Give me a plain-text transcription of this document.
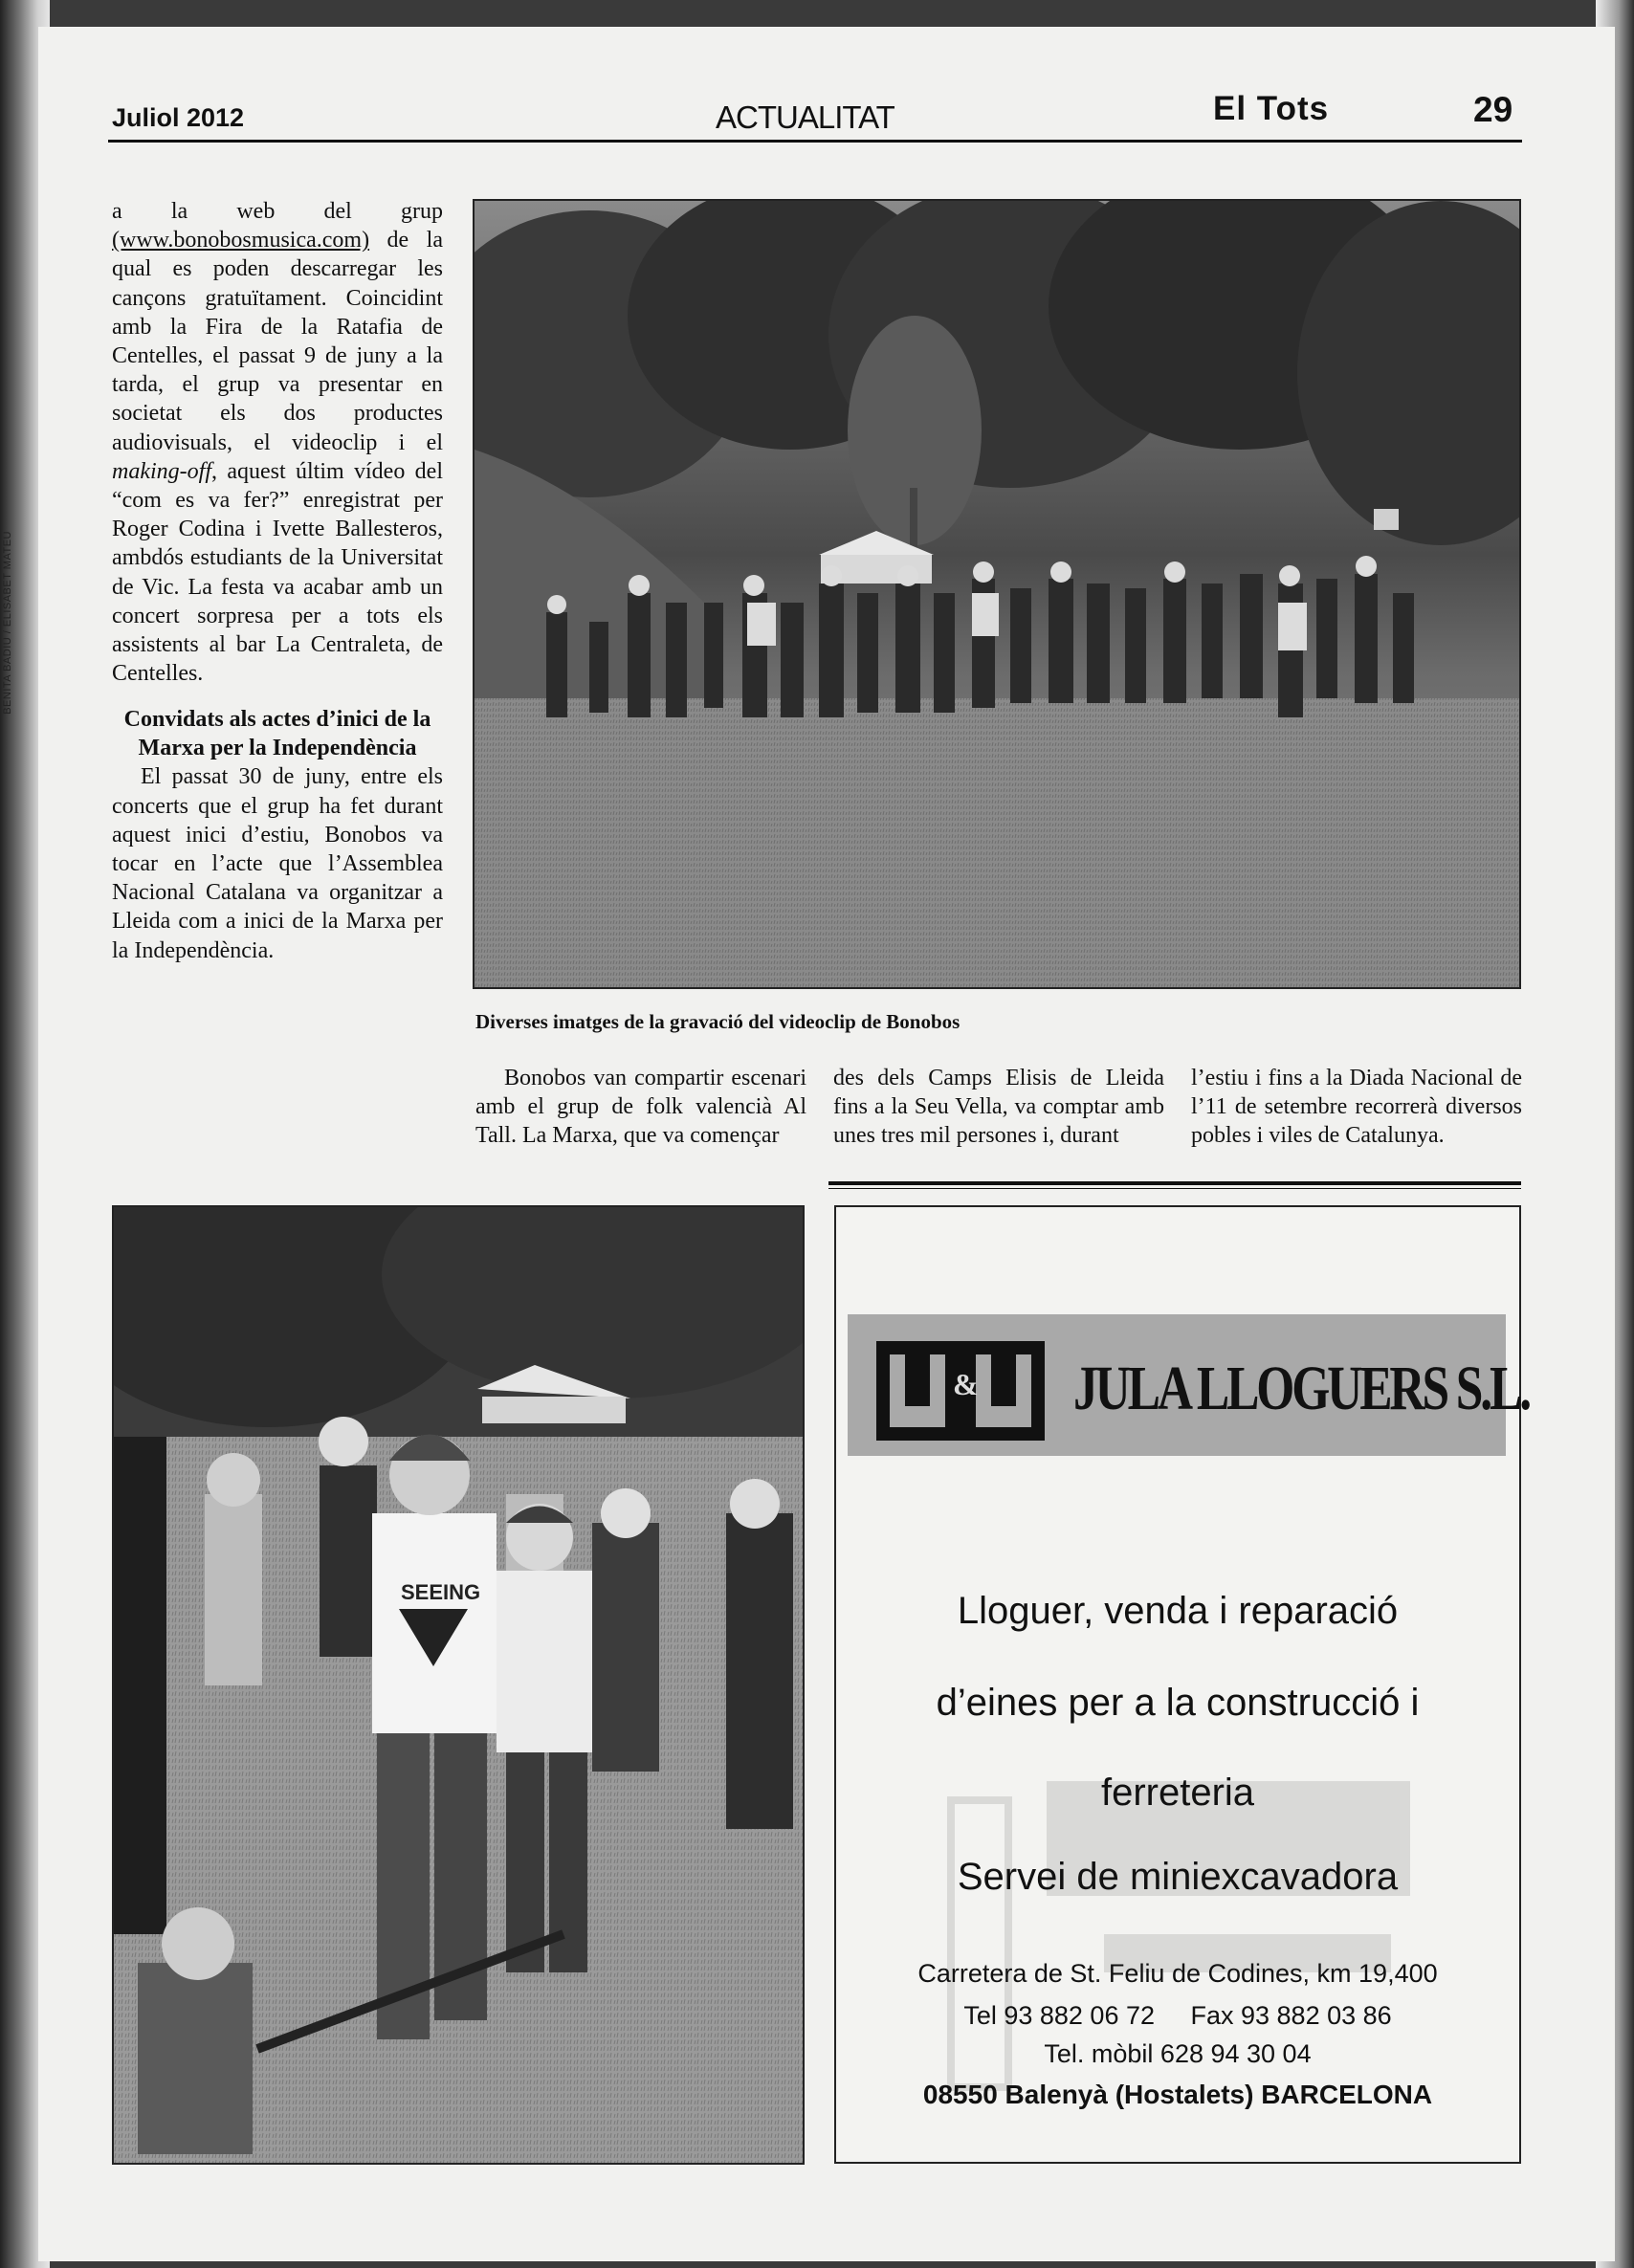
BENITA BADIU / ELISABET MATEU
Juliol 2012	ACTUALITAT	El Tots	29

a la web del grup (www.bonobosmusica.com) de la qual es poden descarregar les cançons gratuïtament. Coincidint amb la Fira de la Ratafia de Centelles, el passat 9 de juny a la tarda, el grup va presentar en societat els dos productes audiovisuals, el videoclip i el making-off, aquest últim vídeo del “com es va fer?” enregistrat per Roger Codina i Ivette Ballesteros, ambdós estudiants de la Universitat de Vic. La festa va acabar amb un concert sorpresa per a tots els assistents al bar La Centraleta, de Centelles.

Convidats als actes d’inici de la Marxa per la Independència

El passat 30 de juny, entre els concerts que el grup ha fet durant aquest inici d’estiu, Bonobos va tocar en l’acte que l’Assemblea Nacional Catalana va organitzar a Lleida com a inici de la Marxa per la Independència.

Diverses imatges de la gravació del videoclip de Bonobos

Bonobos van compartir escenari amb el grup de folk valencià Al Tall. La Marxa, que va començar

des dels Camps Elisis de Lleida fins a la Seu Vella, va comptar amb unes tres mil persones i, durant

l’estiu i fins a la Diada Nacional de l’11 de setembre recorrerà diversos pobles i viles de Catalunya.

SEEING
& JULA LLOGUERS S.L.
Lloguer, venda i reparació
d’eines per a la construcció i
ferreteria
Servei de miniexcavadora
Carretera de St. Feliu de Codines, km 19,400
Tel 93 882 06 72     Fax 93 882 03 86
Tel. mòbil 628 94 30 04
08550 Balenyà (Hostalets) BARCELONA
